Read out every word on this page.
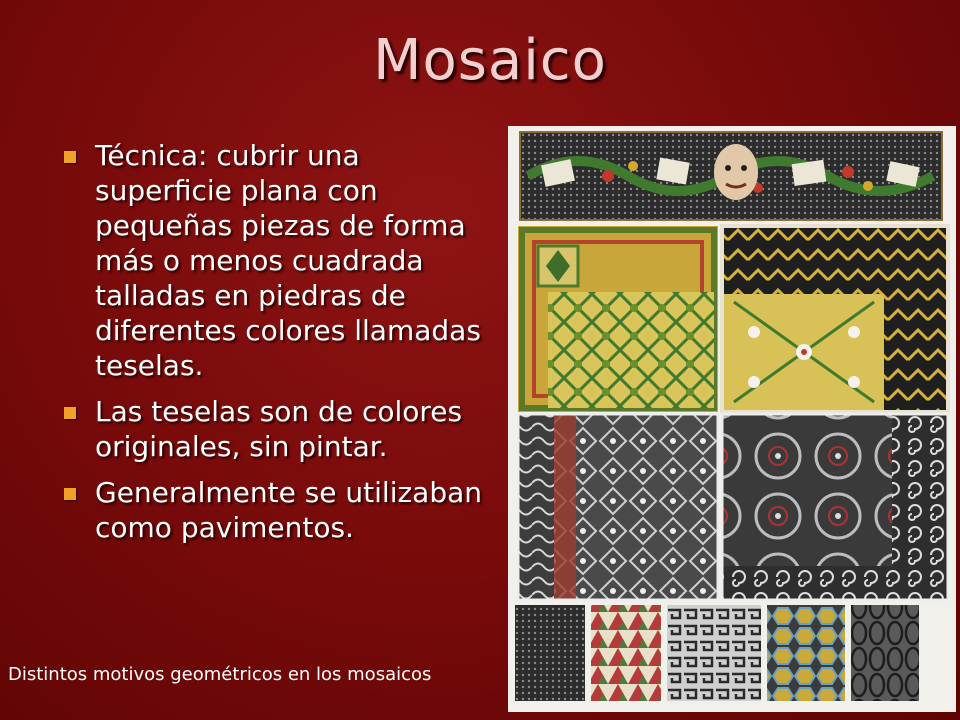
Mosaico
Técnica: cubrir una superficie plana con pequeñas piezas de forma más o menos cuadrada talladas en piedras de diferentes colores llamadas teselas.
Las teselas son de colores originales, sin pintar.
Generalmente se utilizaban como pavimentos.
Distintos motivos geométricos en los mosaicos
